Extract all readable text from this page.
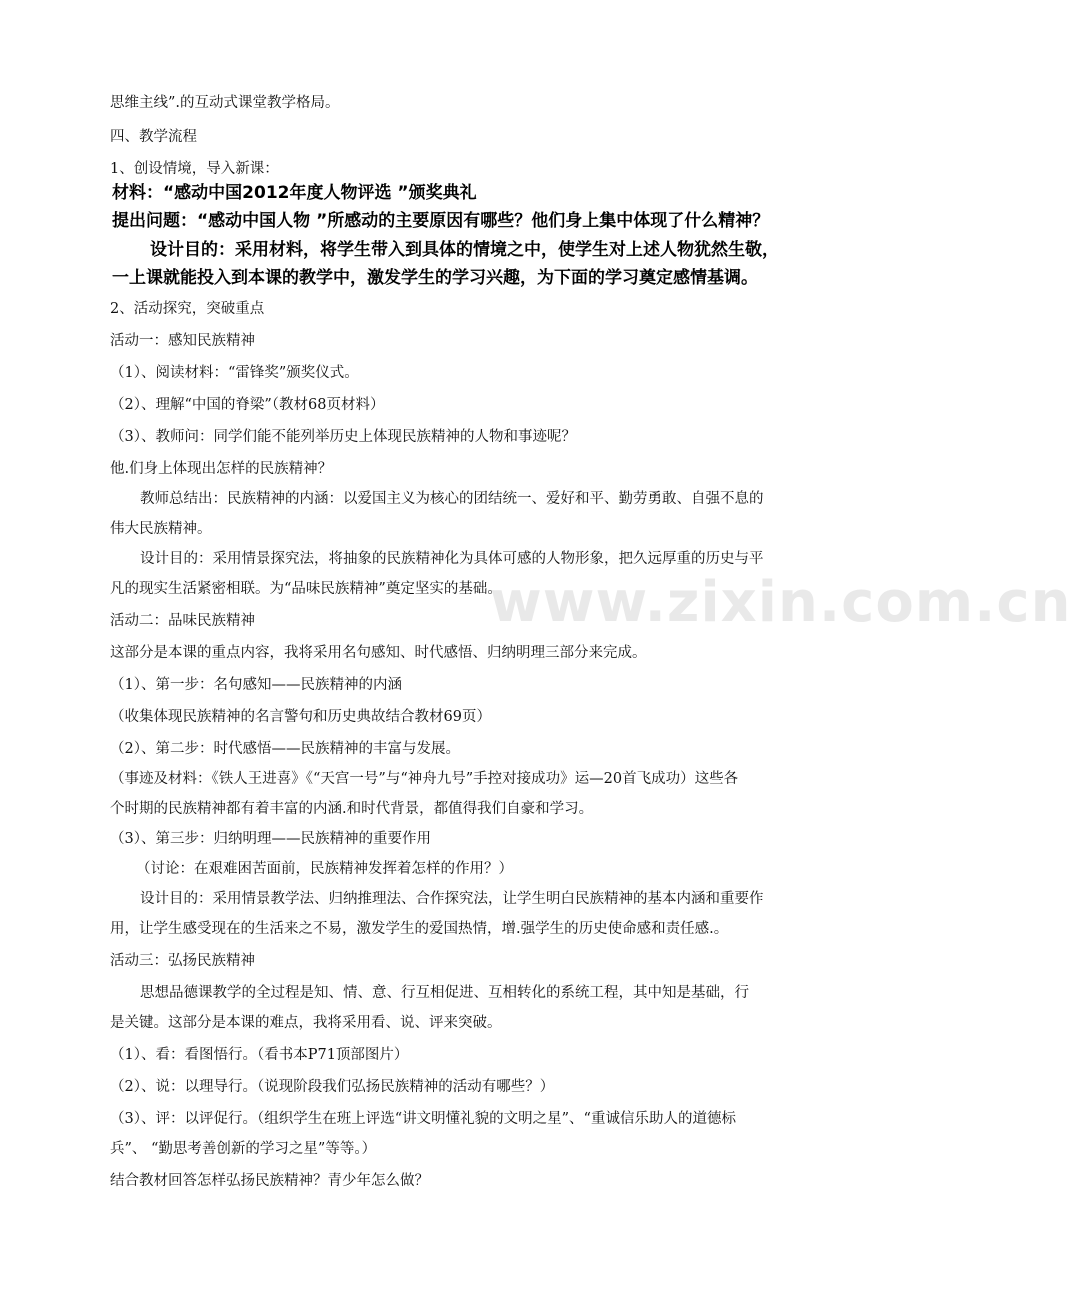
www.zixin.com.cn
思维主线”.的互动式课堂教学格局。
四、教学流程
1、创设情境，导入新课：
材料：“感动中国2012年度人物评选 ”颁奖典礼
提出问题：“感动中国人物 ”所感动的主要原因有哪些？他们身上集中体现了什么精神？
设计目的：采用材料，将学生带入到具体的情境之中，使学生对上述人物犹然生敬，
一上课就能投入到本课的教学中，激发学生的学习兴趣，为下面的学习奠定感情基调。
2、活动探究，突破重点
活动一：感知民族精神
（1）、阅读材料：“雷锋奖”颁奖仪式。
（2）、理解“中国的脊梁”（教材68页材料）
（3）、教师问：同学们能不能列举历史上体现民族精神的人物和事迹呢？
他.们身上体现出怎样的民族精神？
教师总结出：民族精神的内涵：以爱国主义为核心的团结统一、爱好和平、勤劳勇敢、自强不息的
伟大民族精神。
设计目的：采用情景探究法，将抽象的民族精神化为具体可感的人物形象，把久远厚重的历史与平
凡的现实生活紧密相联。为“品味民族精神”奠定坚实的基础。
活动二：品味民族精神
这部分是本课的重点内容，我将采用名句感知、时代感悟、归纳明理三部分来完成。
（1）、第一步：名句感知——民族精神的内涵
（收集体现民族精神的名言警句和历史典故结合教材69页）
（2）、第二步：时代感悟——民族精神的丰富与发展。
（事迹及材料：《铁人王进喜》《“天宫一号”与“神舟九号”手控对接成功》运—20首飞成功）这些各
个时期的民族精神都有着丰富的内涵.和时代背景，都值得我们自豪和学习。
（3）、第三步：归纳明理——民族精神的重要作用
（讨论：在艰难困苦面前，民族精神发挥着怎样的作用？）
设计目的：采用情景教学法、归纳推理法、合作探究法，让学生明白民族精神的基本内涵和重要作
用，让学生感受现在的生活来之不易，激发学生的爱国热情，增.强学生的历史使命感和责任感.。
活动三：弘扬民族精神
思想品德课教学的全过程是知、情、意、行互相促进、互相转化的系统工程，其中知是基础，行
是关键。这部分是本课的难点，我将采用看、说、评来突破。
（1）、看：看图悟行。（看书本P71顶部图片）
（2）、说：以理导行。（说现阶段我们弘扬民族精神的活动有哪些？）
（3）、评：以评促行。（组织学生在班上评选“讲文明懂礼貌的文明之星”、“重诚信乐助人的道德标
兵”、 “勤思考善创新的学习之星”等等。）
结合教材回答怎样弘扬民族精神？青少年怎么做？
